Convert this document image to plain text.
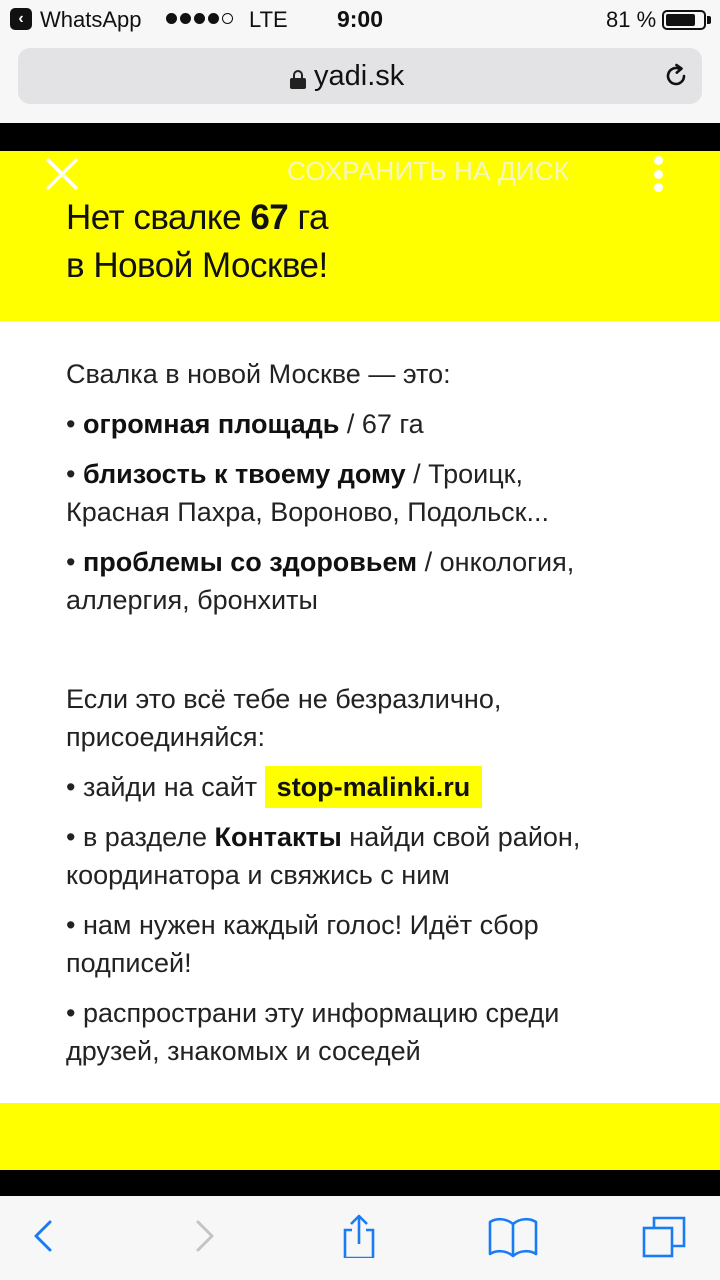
‹ WhatsApp	LTE	9:00	81 %
yadi.sk
СОХРАНИТЬ НА ДИСК
Нет свалке 67 га
в Новой Москве!

Свалка в новой Москве — это:

• огромная площадь / 67 га

• близость к твоему дому / Троицк,

Красная Пахра, Вороново, Подольск...

• проблемы со здоровьем / онкология,

аллергия, бронхиты

Если это всё тебе не безразлично,

присоединяйся:

• зайди на сайт stop-malinki.ru

• в разделе Контакты найди свой район,

координатора и свяжись с ним

• нам нужен каждый голос! Идёт сбор

подписей!

• распространи эту информацию среди

друзей, знакомых и соседей
